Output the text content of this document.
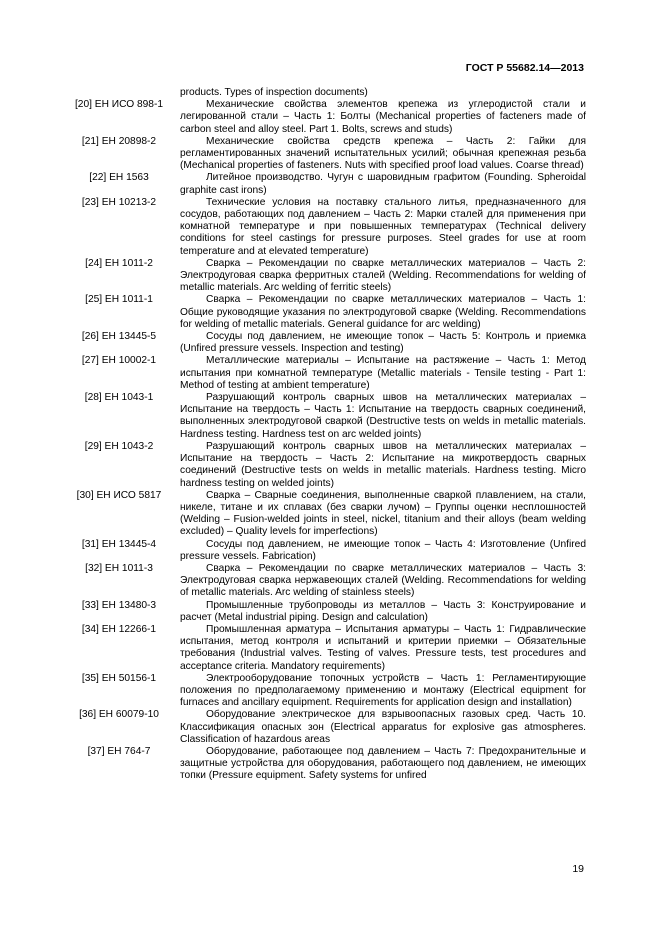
ГОСТ Р 55682.14—2013
products. Types of inspection documents)
[20] ЕН ИСО 898-1	Механические свойства элементов крепежа из углеродистой стали и легированной стали – Часть 1: Болты (Mechanical properties of facteners made of carbon steel and alloy steel. Part 1. Bolts, screws and studs)
[21] ЕН 20898-2	Механические свойства средств крепежа – Часть 2: Гайки для регламентированных значений испытательных усилий; обычная крепежная резьба (Mechanical properties of fasteners. Nuts with specified proof load values. Coarse thread)
[22] ЕН 1563	Литейное производство. Чугун с шаровидным графитом (Founding. Spheroidal graphite cast irons)
[23] ЕН 10213-2	Технические условия на поставку стального литья, предназначенного для сосудов, работающих под давлением – Часть 2: Марки сталей для применения при комнатной температуре и при повышенных температурах (Technical delivery conditions for steel castings for pressure purposes. Steel grades for use at room temperature and at elevated temperature)
[24] ЕН 1011-2	Сварка – Рекомендации по сварке металлических материалов – Часть 2: Электродуговая сварка ферритных сталей (Welding. Recommendations for welding of metallic materials. Arc welding of ferritic steels)
[25] ЕН 1011-1	Сварка – Рекомендации по сварке металлических материалов – Часть 1: Общие руководящие указания по электродуговой сварке (Welding. Recommendations for welding of metallic materials. General guidance for arc welding)
[26] ЕН 13445-5	Сосуды под давлением, не имеющие топок – Часть 5: Контроль и приемка (Unfired pressure vessels. Inspection and testing)
[27] ЕН 10002-1	Металлические материалы – Испытание на растяжение – Часть 1: Метод испытания при комнатной температуре (Metallic materials - Tensile testing - Part 1: Method of testing at ambient temperature)
[28] ЕН 1043-1	Разрушающий контроль сварных швов на металлических материалах – Испытание на твердость – Часть 1: Испытание на твердость сварных соединений, выполненных электродуговой сваркой (Destructive tests on welds in metallic materials. Hardness testing. Hardness test on arc welded joints)
[29] ЕН 1043-2	Разрушающий контроль сварных швов на металлических материалах – Испытание на твердость – Часть 2: Испытание на микротвердость сварных соединений (Destructive tests on welds in metallic materials. Hardness testing. Micro hardness testing on welded joints)
[30] ЕН ИСО 5817	Сварка – Сварные соединения, выполненные сваркой плавлением, на стали, никеле, титане и их сплавах (без сварки лучом) – Группы оценки несплошностей (Welding – Fusion-welded joints in steel, nickel, titanium and their alloys (beam welding excluded) – Quality levels for imperfections)
[31] ЕН 13445-4	Сосуды под давлением, не имеющие топок – Часть 4: Изготовление (Unfired pressure vessels. Fabrication)
[32] ЕН 1011-3	Сварка – Рекомендации по сварке металлических материалов – Часть 3: Электродуговая сварка нержавеющих сталей (Welding. Recommendations for welding of metallic materials. Arc welding of stainless steels)
[33] ЕН 13480-3	Промышленные трубопроводы из металлов – Часть 3: Конструирование и расчет (Metal industrial piping. Design and calculation)
[34] ЕН 12266-1	Промышленная арматура – Испытания арматуры – Часть 1: Гидравлические испытания, метод контроля и испытаний и критерии приемки – Обязательные требования (Industrial valves. Testing of valves. Pressure tests, test procedures and acceptance criteria. Mandatory requirements)
[35] ЕН 50156-1	Электрооборудование топочных устройств – Часть 1: Регламентирующие положения по предполагаемому применению и монтажу (Electrical equipment for furnaces and ancillary equipment. Requirements for application design and installation)
[36] ЕН 60079-10	Оборудование электрическое для взрывоопасных газовых сред. Часть 10. Классификация опасных зон (Electrical apparatus for explosive gas atmospheres. Classification of hazardous areas
[37] ЕН 764-7	Оборудование, работающее под давлением – Часть 7: Предохранительные и защитные устройства для оборудования, работающего под давлением, не имеющих топки (Pressure equipment. Safety systems for unfired
19
